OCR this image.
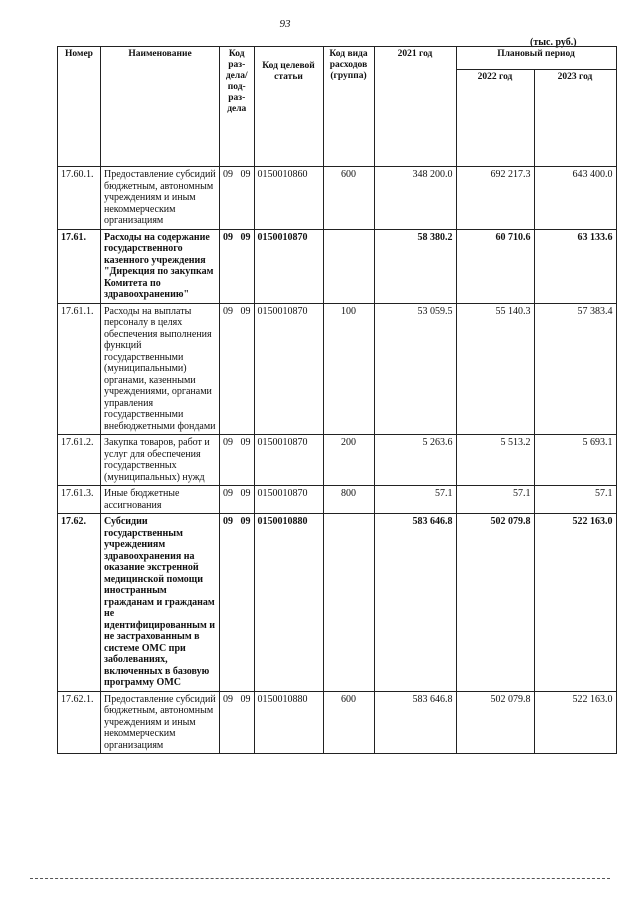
93
(тыс. руб.)
Номер	Наименование	Код раз-дела/ под-раз-дела	Код целевой статьи	Код вида расходов (группа)	2021 год	Плановый период	
						2022 год	2023 год
17.60.1.	Предоставление субсидий бюджетным, автономным учреждениям и иным некоммерческим организациям	09 09	0150010860	600	348 200.0	692 217.3	643 400.0
17.61.	Расходы на содержание государственного казенного учреждения "Дирекция по закупкам Комитета по здравоохранению"	09 09	0150010870		58 380.2	60 710.6	63 133.6
17.61.1.	Расходы на выплаты персоналу в целях обеспечения выполнения функций государственными (муниципальными) органами, казенными учреждениями, органами управления государственными внебюджетными фондами	09 09	0150010870	100	53 059.5	55 140.3	57 383.4
17.61.2.	Закупка товаров, работ и услуг для обеспечения государственных (муниципальных) нужд	09 09	0150010870	200	5 263.6	5 513.2	5 693.1
17.61.3.	Иные бюджетные ассигнования	09 09	0150010870	800	57.1	57.1	57.1
17.62.	Субсидии государственным учреждениям здравоохранения на оказание экстренной медицинской помощи иностранным гражданам и гражданам не идентифицированным и не застрахованным в системе ОМС при заболеваниях, включенных в базовую программу ОМС	09 09	0150010880		583 646.8	502 079.8	522 163.0
17.62.1.	Предоставление субсидий бюджетным, автономным учреждениям и иным некоммерческим организациям	09 09	0150010880	600	583 646.8	502 079.8	522 163.0
